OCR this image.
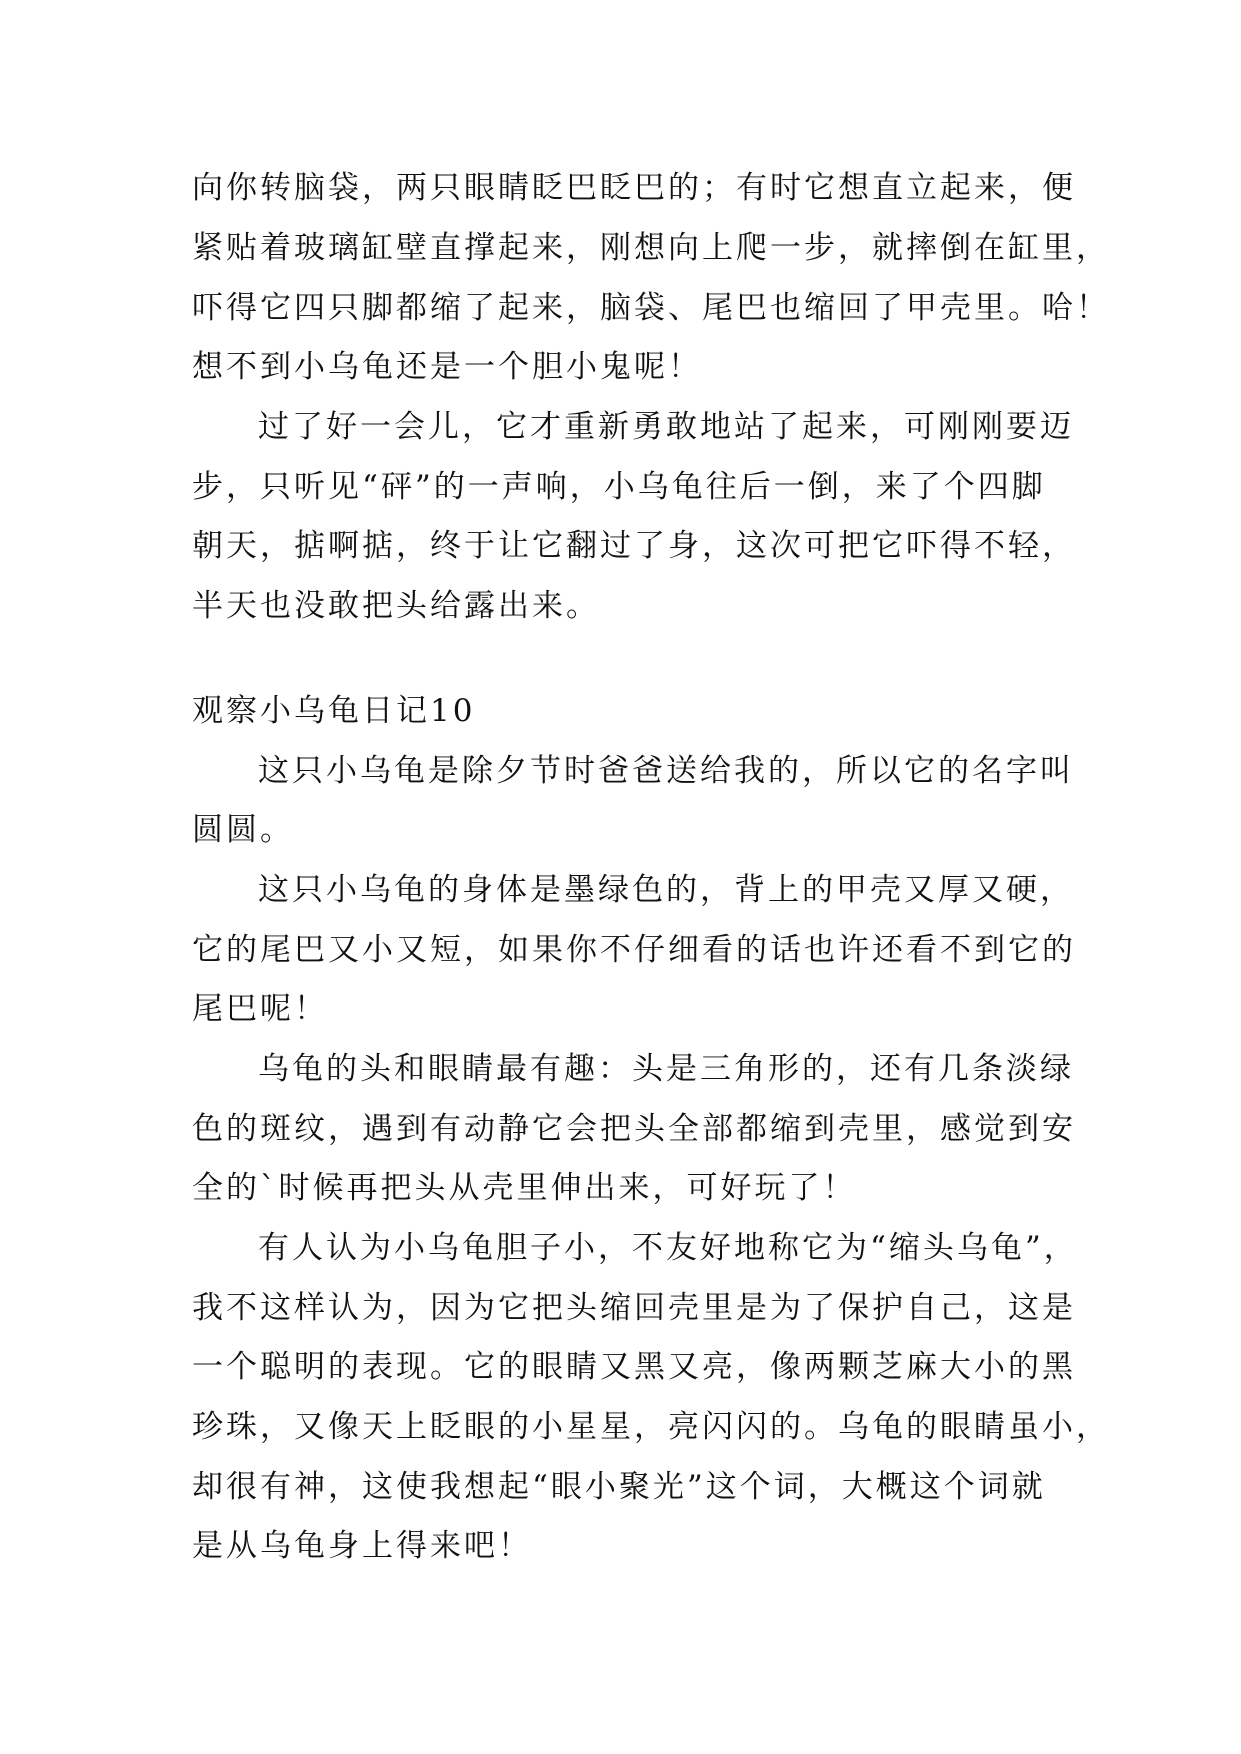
向你转脑袋，两只眼睛眨巴眨巴的；有时它想直立起来，便
紧贴着玻璃缸壁直撑起来，刚想向上爬一步，就摔倒在缸里，
吓得它四只脚都缩了起来，脑袋、尾巴也缩回了甲壳里。哈！
想不到小乌龟还是一个胆小鬼呢！
过了好一会儿，它才重新勇敢地站了起来，可刚刚要迈
步，只听见“砰”的一声响，小乌龟往后一倒，来了个四脚
朝天，掂啊掂，终于让它翻过了身，这次可把它吓得不轻，
半天也没敢把头给露出来。
观察小乌龟日记10
这只小乌龟是除夕节时爸爸送给我的，所以它的名字叫
圆圆。
这只小乌龟的身体是墨绿色的，背上的甲壳又厚又硬，
它的尾巴又小又短，如果你不仔细看的话也许还看不到它的
尾巴呢！
乌龟的头和眼睛最有趣：头是三角形的，还有几条淡绿
色的斑纹，遇到有动静它会把头全部都缩到壳里，感觉到安
全的`时候再把头从壳里伸出来，可好玩了！
有人认为小乌龟胆子小，不友好地称它为“缩头乌龟”，
我不这样认为，因为它把头缩回壳里是为了保护自己，这是
一个聪明的表现。它的眼睛又黑又亮，像两颗芝麻大小的黑
珍珠，又像天上眨眼的小星星，亮闪闪的。乌龟的眼睛虽小，
却很有神，这使我想起“眼小聚光”这个词，大概这个词就
是从乌龟身上得来吧！
